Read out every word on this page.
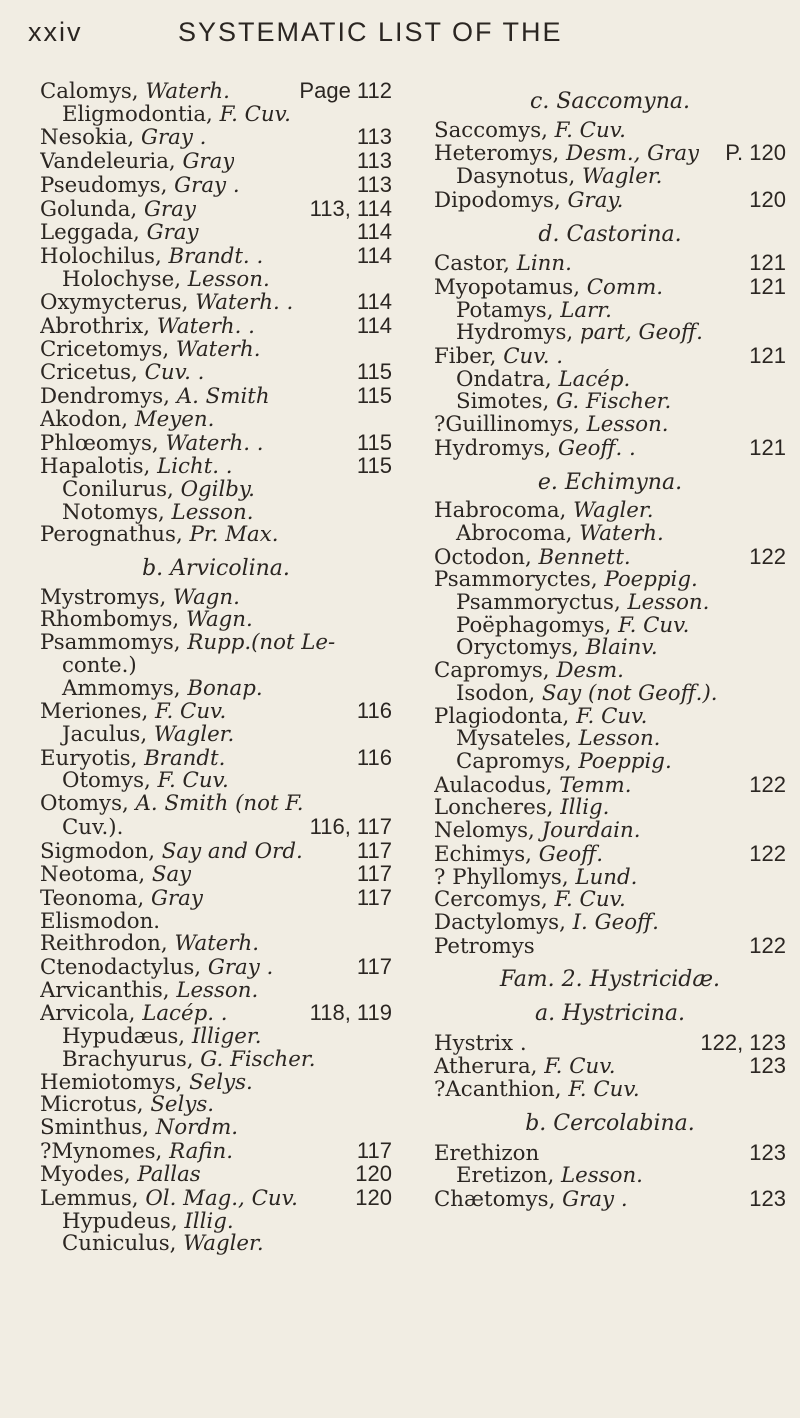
xxiv	SYSTEMATIC LIST OF THE
Calomys, Waterh.	Page 112
Eligmodontia, F. Cuv.
Nesokia, Gray .	113
Vandeleuria, Gray	113
Pseudomys, Gray .	113
Golunda, Gray	113, 114
Leggada, Gray	114
Holochilus, Brandt. .	114
Holochyse, Lesson.
Oxymycterus, Waterh. .	114
Abrothrix, Waterh. .	114
Cricetomys, Waterh.
Cricetus, Cuv. .	115
Dendromys, A. Smith	115
Akodon, Meyen.
Phlœomys, Waterh. .	115
Hapalotis, Licht. .	115
Conilurus, Ogilby.
Notomys, Lesson.
Perognathus, Pr. Max.
b. Arvicolina.
Mystromys, Wagn.
Rhombomys, Wagn.
Psammomys, Rupp.(not Le-
conte.)
Ammomys, Bonap.
Meriones, F. Cuv.	116
Jaculus, Wagler.
Euryotis, Brandt.	116
Otomys, F. Cuv.
Otomys, A. Smith (not F.
Cuv.).	116, 117
Sigmodon, Say and Ord. 117
Neotoma, Say	117
Teonoma, Gray	117
Elismodon.
Reithrodon, Waterh.
Ctenodactylus, Gray .	117
Arvicanthis, Lesson.
Arvicola, Lacép. .	118, 119
Hypudæus, Illiger.
Brachyurus, G. Fischer.
Hemiotomys, Selys.
Microtus, Selys.
Sminthus, Nordm.
?Mynomes, Rafin.	117
Myodes, Pallas	120
Lemmus, Ol. Mag., Cuv.	120
Hypudeus, Illig.
Cuniculus, Wagler.
c. Saccomyna.
Saccomys, F. Cuv.
Heteromys, Desm., Gray P. 120
Dasynotus, Wagler.
Dipodomys, Gray.	120
d. Castorina.
Castor, Linn.	121
Myopotamus, Comm.	121
Potamys, Larr.
Hydromys, part, Geoff.
Fiber, Cuv. .	121
Ondatra, Lacép.
Simotes, G. Fischer.
?Guillinomys, Lesson.
Hydromys, Geoff. .	121
e. Echimyna.
Habrocoma, Wagler.
Abrocoma, Waterh.
Octodon, Bennett.	122
Psammoryctes, Poeppig.
Psammoryctus, Lesson.
Poëphagomys, F. Cuv.
Oryctomys, Blainv.
Capromys, Desm.
Isodon, Say (not Geoff.).
Plagiodonta, F. Cuv.
Mysateles, Lesson.
Capromys, Poeppig.
Aulacodus, Temm.	122
Loncheres, Illig.
Nelomys, Jourdain.
Echimys, Geoff.	122
? Phyllomys, Lund.
Cercomys, F. Cuv.
Dactylomys, I. Geoff.
Petromys	122
Fam. 2. Hystricidæ.
a. Hystricina.
Hystrix .	122, 123
Atherura, F. Cuv.	123
?Acanthion, F. Cuv.
b. Cercolabina.
Erethizon	123
Eretizon, Lesson.
Chætomys, Gray .	123
